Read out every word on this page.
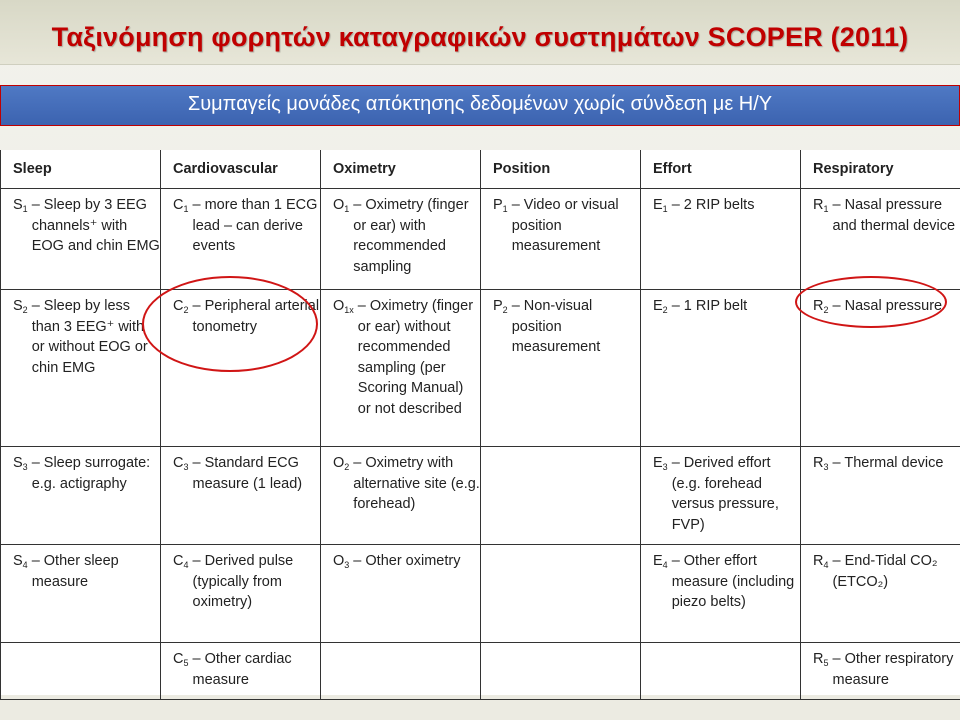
Ταξινόμηση φορητών καταγραφικών συστημάτων SCOPER (2011)
Συμπαγείς μονάδες απόκτησης δεδομένων χωρίς σύνδεση με Η/Υ
Sleep	Cardiovascular	Oximetry	Position	Effort	Respiratory

$S_1$ – Sleep by 3 EEG channels⁺ with EOG and chin EMG	$C_1$ – more than 1 ECG lead – can derive events	$O_1$ – Oximetry (finger or ear) with recommended sampling	$P_1$ – Video or visual position measurement	$E_1 - 2$ RIP belts	$R_1$ – Nasal pressure and thermal device

$S_2$ – Sleep by less than 3 EEG⁺ with or without EOG or chin EMG	$C_2$ – Peripheral arterial tonometry	$O_{1x}$ – Oximetry (finger or ear) without recommended sampling (per Scoring Manual) or not described	$P_2$ – Non-visual position measurement	$E_2 - 1$ RIP belt	$R_2$ – Nasal pressure

$S_3$ – Sleep surrogate: e.g. actigraphy	$C_3$ – Standard ECG measure (1 lead)	$O_2$ – Oximetry with alternative site (e.g. forehead)		$E_3$ – Derived effort (e.g. forehead versus pressure, FVP)	$R_3$ – Thermal device

$S_4$ – Other sleep measure	$C_4$ – Derived pulse (typically from oximetry)	$O_3$ – Other oximetry		$E_4$ – Other effort measure (including piezo belts)	$R_4$ – End-Tidal CO₂ (ETCO₂)

	$C_5$ – Other cardiac measure				$R_5$ – Other respiratory measure
